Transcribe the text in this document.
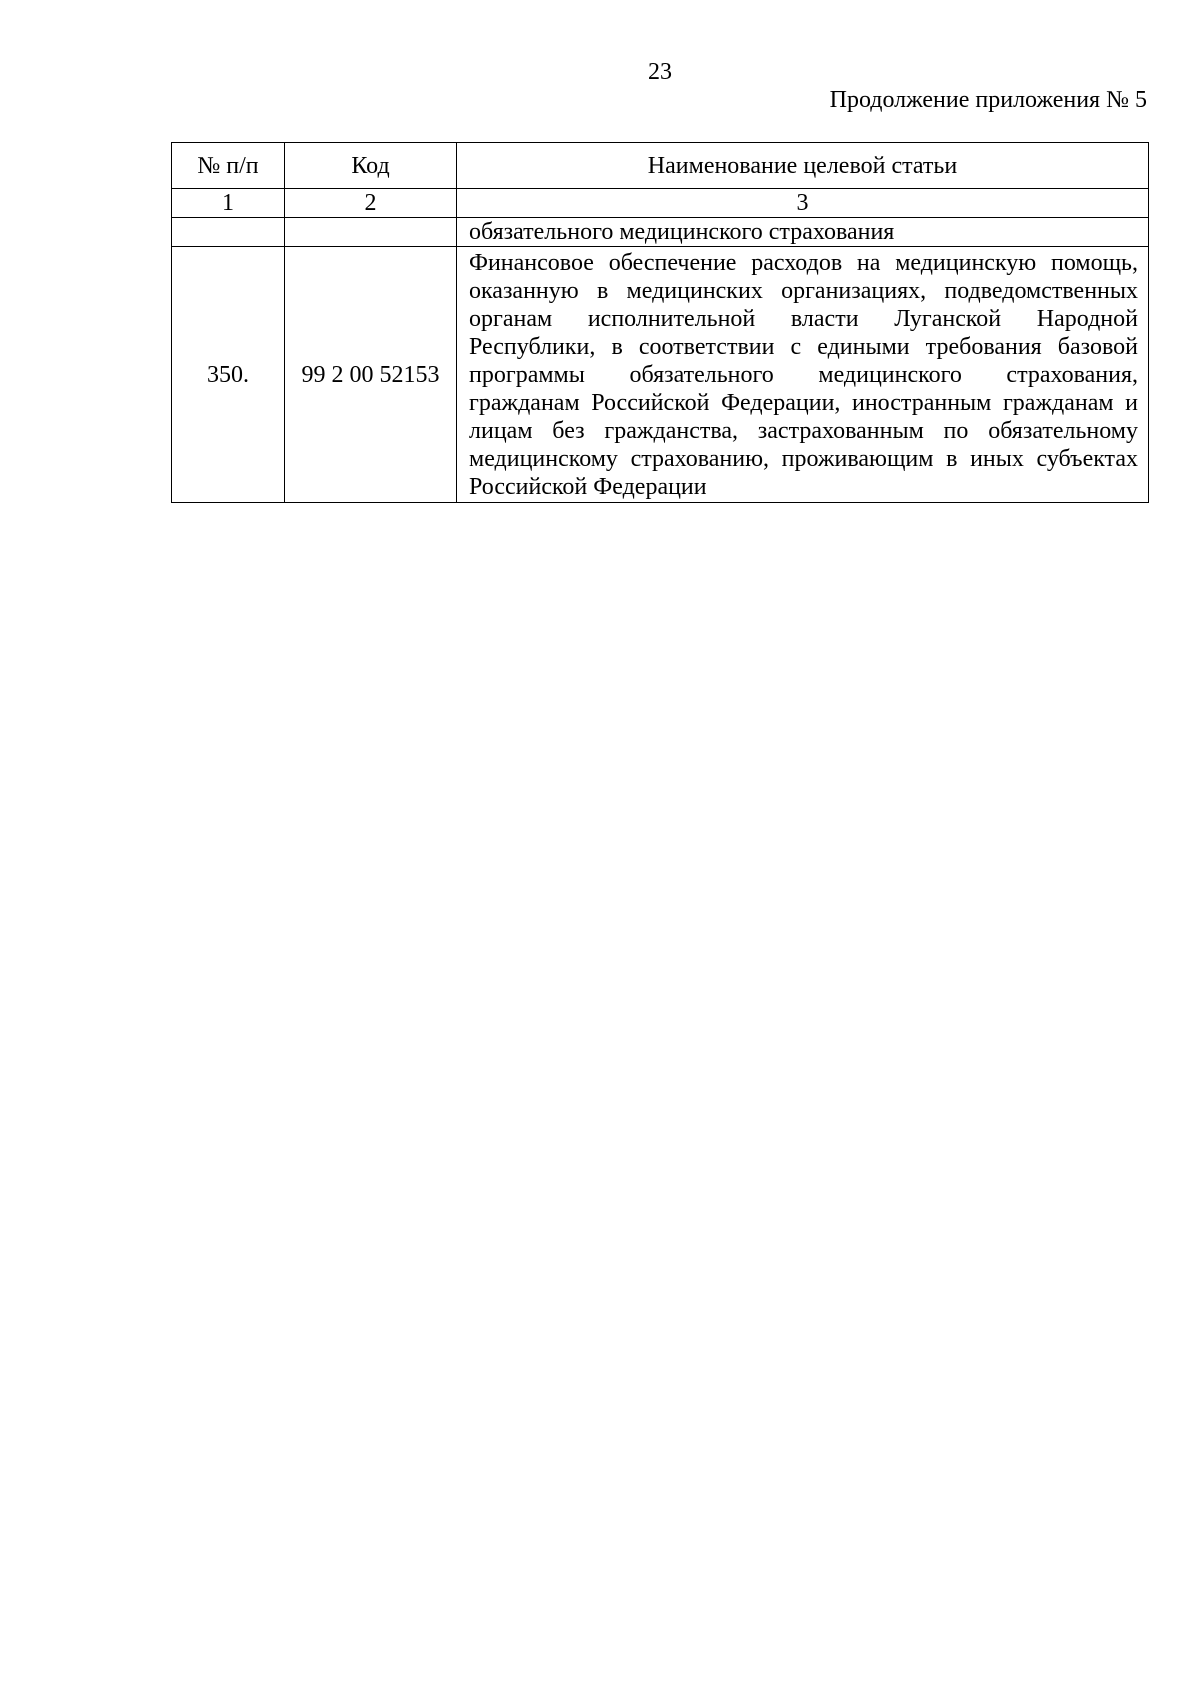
23
Продолжение приложения № 5
№ п/п	Код	Наименование целевой статьи
1	2	3
		обязательного медицинского страхования
350.	99 2 00 52153	Финансовое обеспечение расходов на медицинскую помощь, оказанную в медицинских организациях, подведомственных органам исполнительной власти Луганской Народной Республики, в соответствии с едиными требования базовой программы обязательного медицинского страхования, гражданам Российской Федерации, иностранным гражданам и лицам без гражданства, застрахованным по обязательному медицинскому страхованию, проживающим в иных субъектах Российской Федерации
